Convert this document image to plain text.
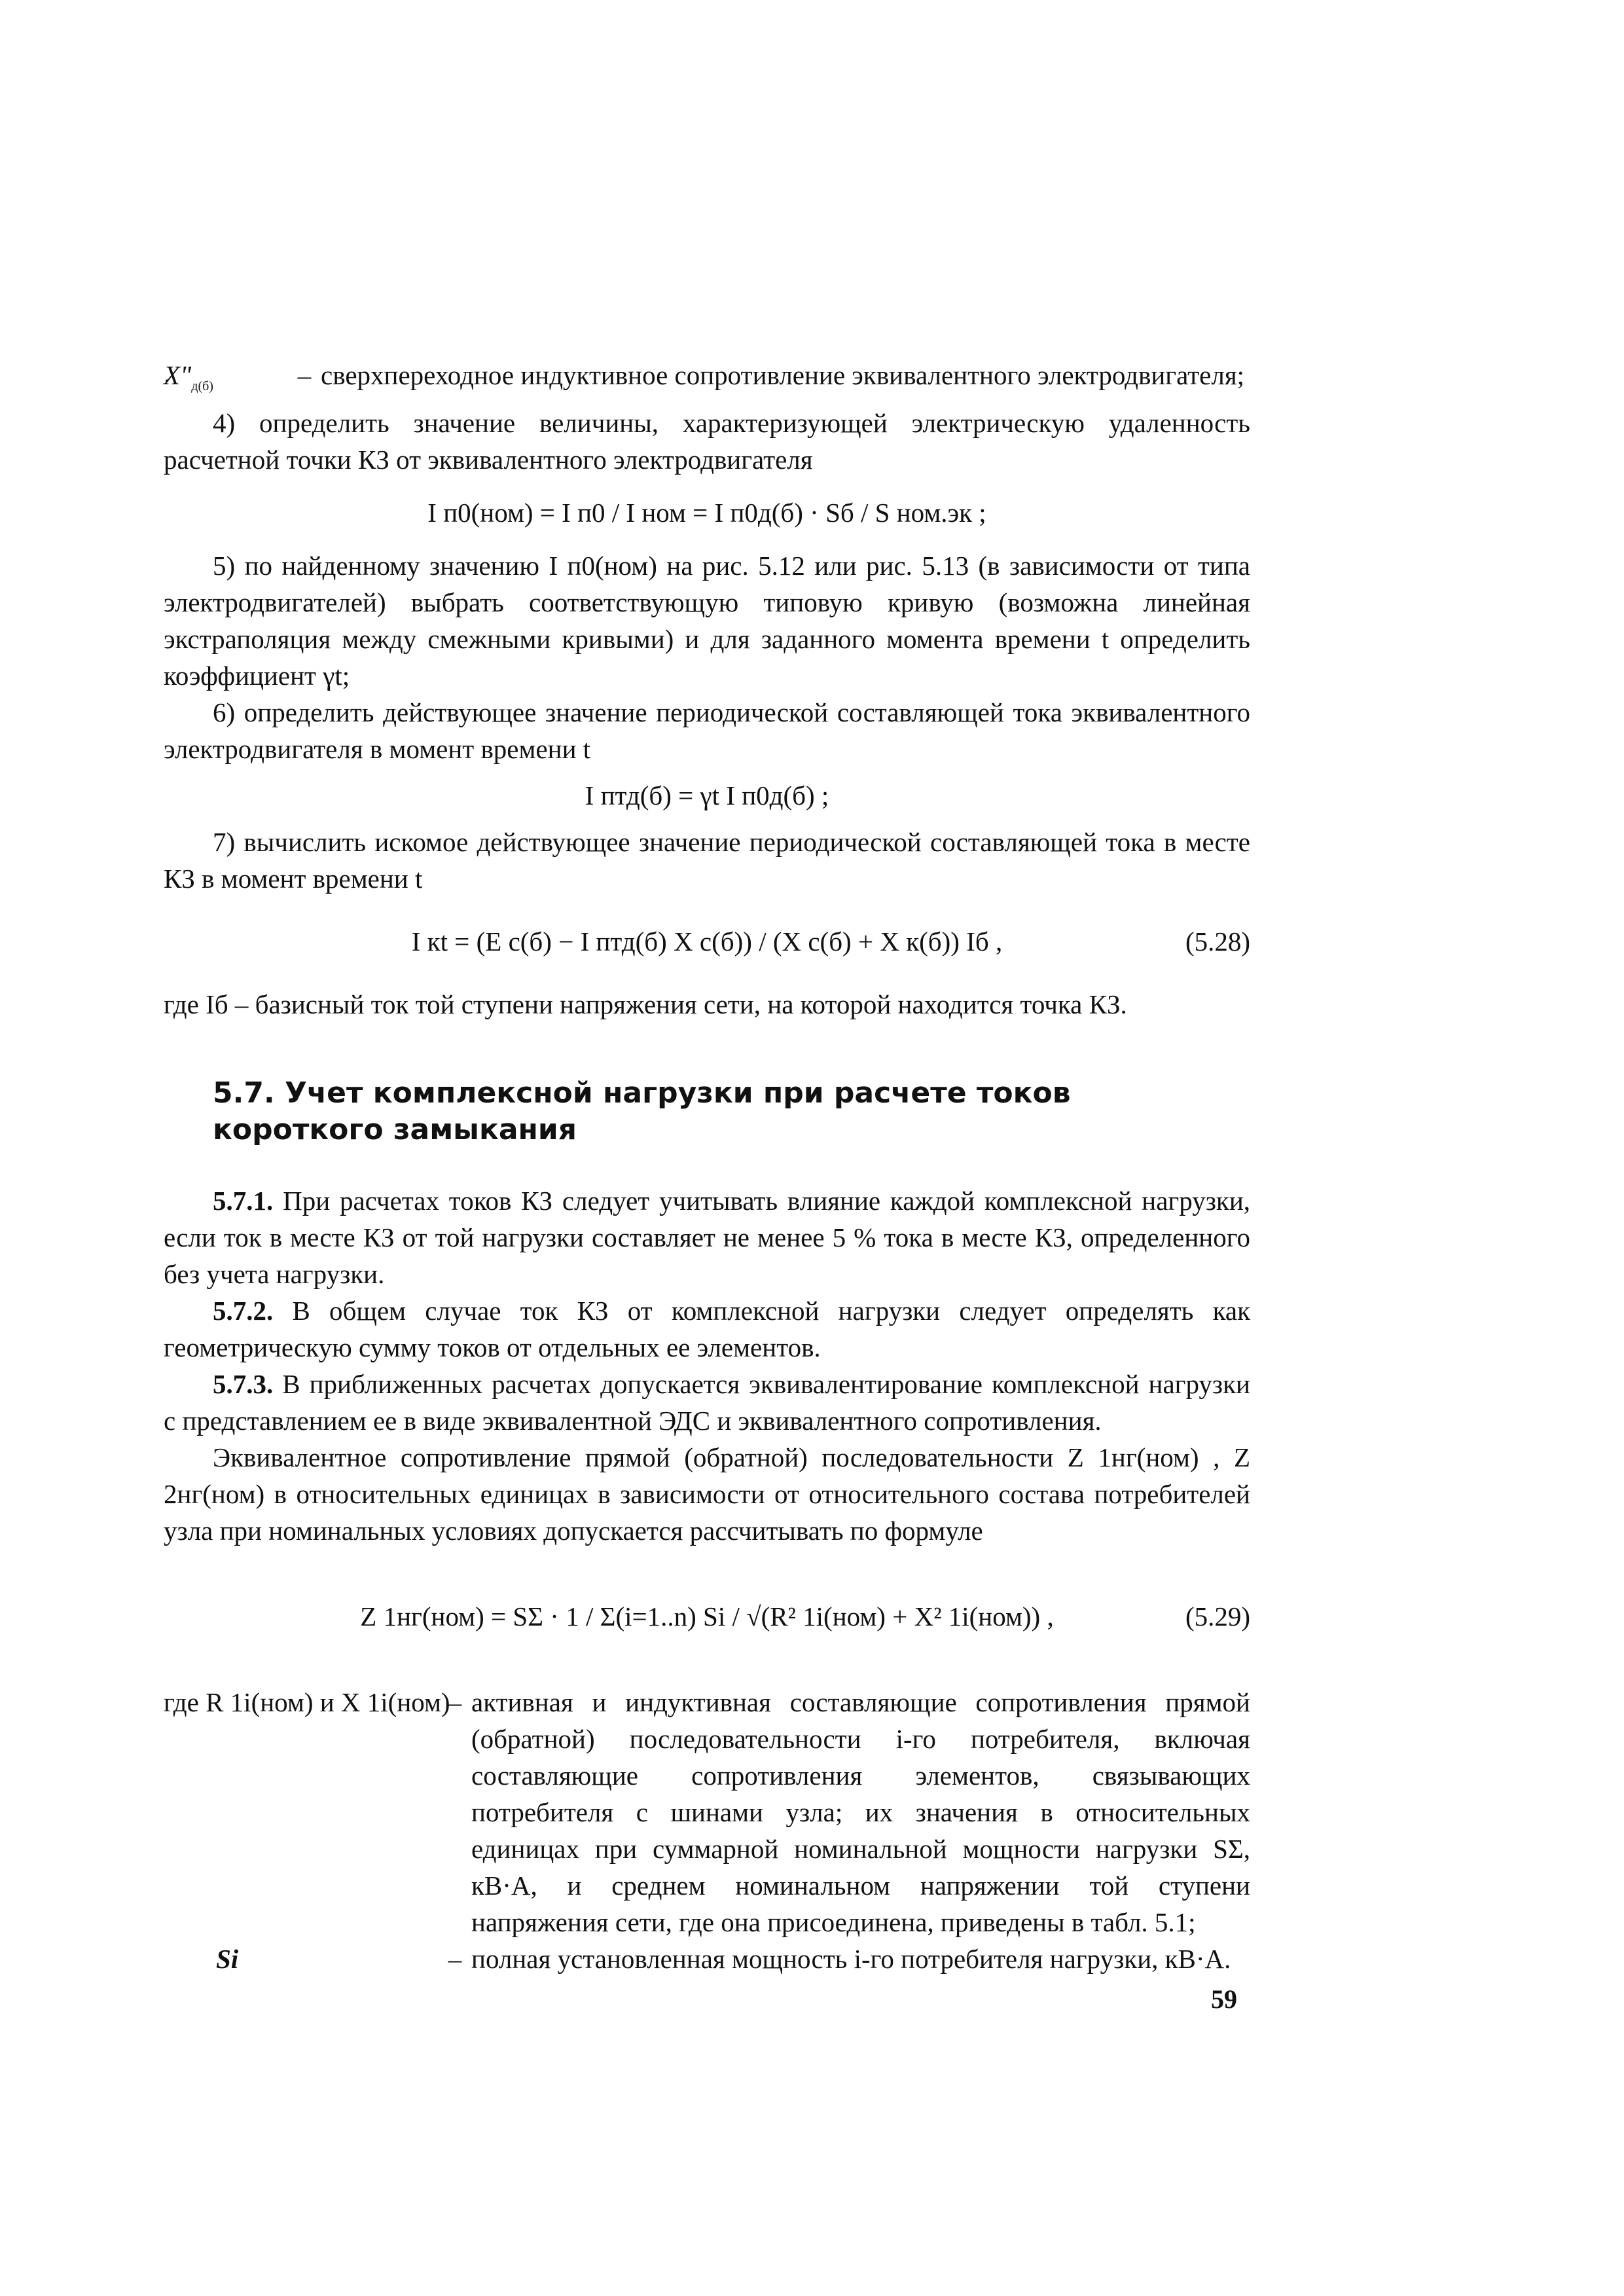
X" $•_{д(б)}$	– сверхпереходное индуктивное сопротивление эквивалентного электродвигателя;

4) определить значение величины, характеризующей электрическую удаленность расчетной точки КЗ от эквивалентного электродвигателя

I п0(ном) = I п0 / I ном = I п0д(б) · Sб / S ном.эк ;

5) по найденному значению I п0(ном) на рис. 5.12 или рис. 5.13 (в зависимости от типа электродвигателей) выбрать соответствующую типовую кривую (возможна линейная экстраполяция между смежными кривыми) и для заданного момента времени t определить коэффициент γt;

6) определить действующее значение периодической составляющей тока эквивалентного электродвигателя в момент времени t

I птд(б) = γt I п0д(б) ;

7) вычислить искомое действующее значение периодической составляющей тока в месте КЗ в момент времени t

I кt = (E с(б) − I птд(б) X с(б)) / (X с(б) + X к(б)) Iб ,	(5.28)

где Iб – базисный ток той ступени напряжения сети, на которой находится точка КЗ.

5.7. Учет комплексной нагрузки при расчете токов короткого замыкания

5.7.1. При расчетах токов КЗ следует учитывать влияние каждой комплексной нагрузки, если ток в месте КЗ от той нагрузки составляет не менее 5 % тока в месте КЗ, определенного без учета нагрузки.

5.7.2. В общем случае ток КЗ от комплексной нагрузки следует определять как геометрическую сумму токов от отдельных ее элементов.

5.7.3. В приближенных расчетах допускается эквивалентирование комплексной нагрузки с представлением ее в виде эквивалентной ЭДС и эквивалентного сопротивления.

Эквивалентное сопротивление прямой (обратной) последовательности Z 1нг(ном) , Z 2нг(ном) в относительных единицах в зависимости от относительного состава потребителей узла при номинальных условиях допускается рассчитывать по формуле

Z 1нг(ном) = SΣ · 1 / Σ(i=1..n) Si / √(R² 1i(ном) + X² 1i(ном)) ,	(5.29)
где R 1i(ном) и X 1i(ном)
– активная и индуктивная составляющие сопротивления прямой (обратной) последовательности i-го потребителя, включая составляющие сопротивления элементов, связывающих потребителя с шинами узла; их значения в относительных единицах при суммарной номинальной мощности нагрузки SΣ, кВ·А, и среднем номинальном напряжении той ступени напряжения сети, где она присоединена, приведены в табл. 5.1;
Si	– полная установленная мощность i-го потребителя нагрузки, кВ·А.
59
